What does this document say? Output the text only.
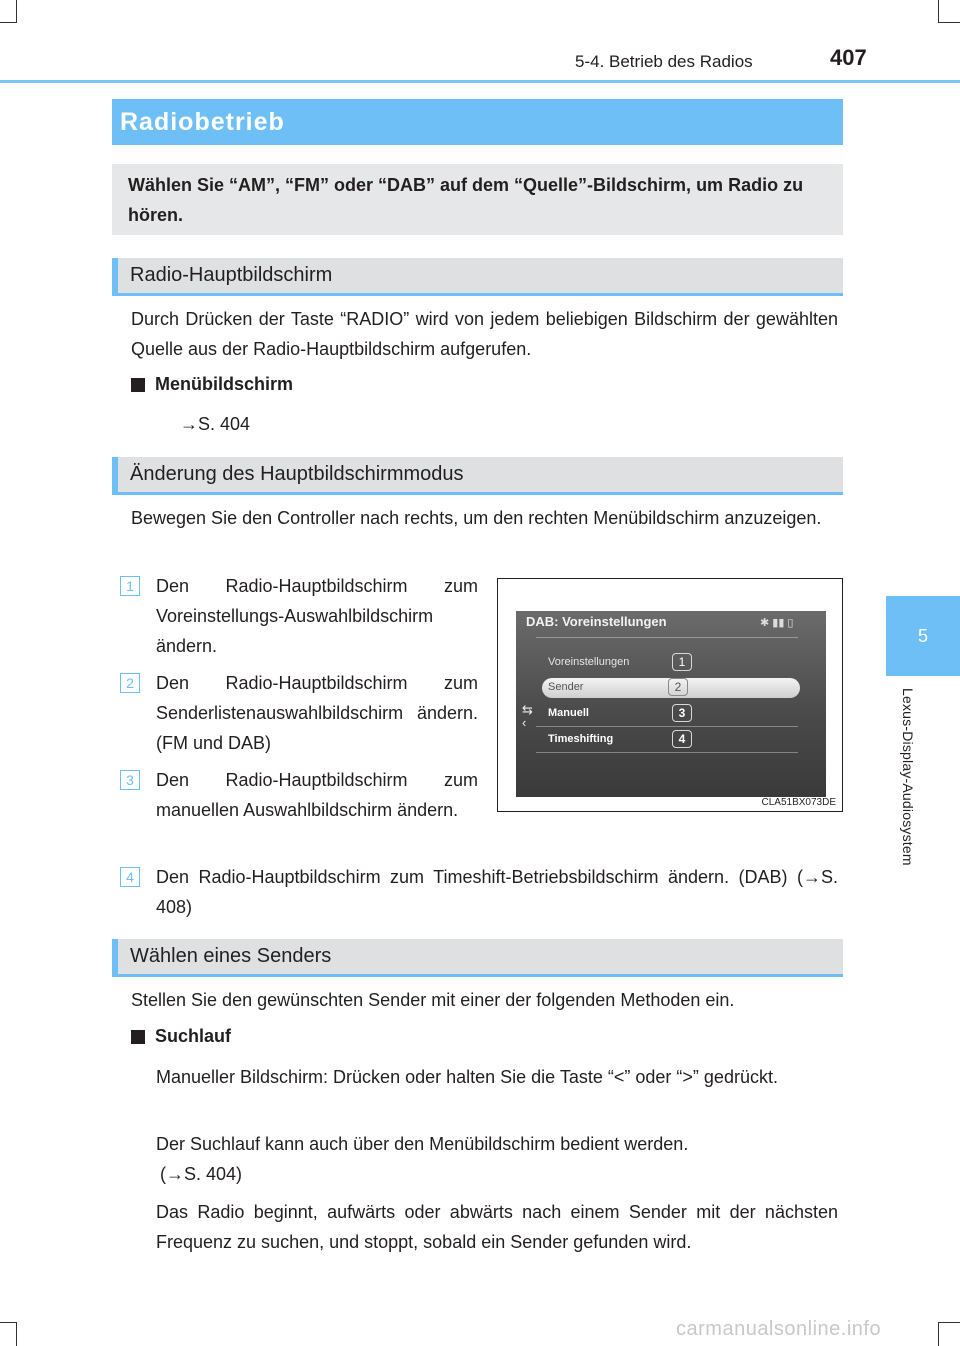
5-4. Betrieb des Radios	407
5
Lexus-Display-Audiosystem
Radiobetrieb
Wählen Sie “AM”, “FM” oder “DAB” auf dem “Quelle”-Bildschirm, um Radio zu hören.
Radio-Hauptbildschirm
Durch Drücken der Taste “RADIO” wird von jedem beliebigen Bildschirm der gewählten Quelle aus der Radio-Hauptbildschirm aufgerufen.
Menübildschirm
→S. 404
Änderung des Hauptbildschirmmodus
Bewegen Sie den Controller nach rechts, um den rechten Menübildschirm anzuzeigen.
1	Den Radio-Hauptbildschirm zum Voreinstellungs-Auswahlbildschirm ändern.
2	Den Radio-Hauptbildschirm zum Senderlistenauswahlbildschirm ändern. (FM und DAB)
3	Den Radio-Hauptbildschirm zum manuellen Auswahlbildschirm ändern.
4	Den Radio-Hauptbildschirm zum Timeshift-Betriebsbildschirm ändern. (DAB) (→S. 408)
DAB: Voreinstellungen	✱ ▮▮ ▯
Voreinstellungen	1
Sender	2
⇆
‹
Manuell	3
Timeshifting	4
CLA51BX073DE
Wählen eines Senders
Stellen Sie den gewünschten Sender mit einer der folgenden Methoden ein.
Suchlauf
Manueller Bildschirm: Drücken oder halten Sie die Taste “<” oder “>” gedrückt.
Der Suchlauf kann auch über den Menübildschirm bedient werden.
(→S. 404)
Das Radio beginnt, aufwärts oder abwärts nach einem Sender mit der nächsten Frequenz zu suchen, und stoppt, sobald ein Sender gefunden wird.
carmanualsonline.info
